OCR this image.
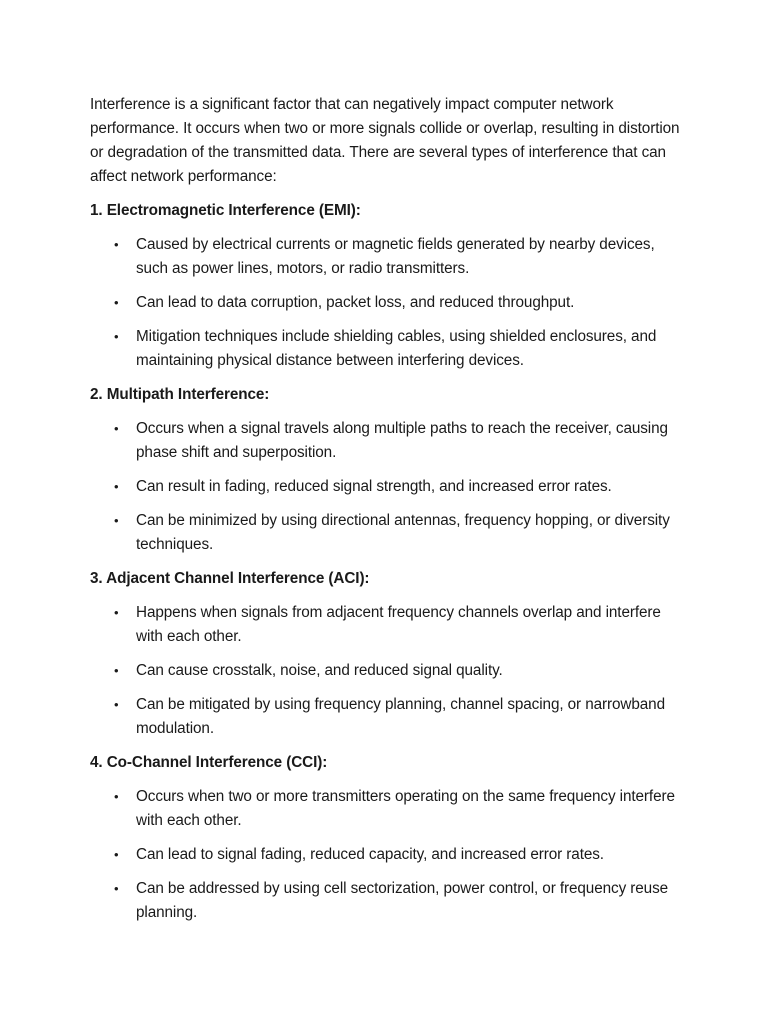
Interference is a significant factor that can negatively impact computer network performance. It occurs when two or more signals collide or overlap, resulting in distortion or degradation of the transmitted data. There are several types of interference that can affect network performance:

1. Electromagnetic Interference (EMI):
• Caused by electrical currents or magnetic fields generated by nearby devices, such as power lines, motors, or radio transmitters.
• Can lead to data corruption, packet loss, and reduced throughput.
• Mitigation techniques include shielding cables, using shielded enclosures, and maintaining physical distance between interfering devices.
2. Multipath Interference:
• Occurs when a signal travels along multiple paths to reach the receiver, causing phase shift and superposition.
• Can result in fading, reduced signal strength, and increased error rates.
• Can be minimized by using directional antennas, frequency hopping, or diversity techniques.
3. Adjacent Channel Interference (ACI):
• Happens when signals from adjacent frequency channels overlap and interfere with each other.
• Can cause crosstalk, noise, and reduced signal quality.
• Can be mitigated by using frequency planning, channel spacing, or narrowband modulation.
4. Co-Channel Interference (CCI):
• Occurs when two or more transmitters operating on the same frequency interfere with each other.
• Can lead to signal fading, reduced capacity, and increased error rates.
• Can be addressed by using cell sectorization, power control, or frequency reuse planning.
